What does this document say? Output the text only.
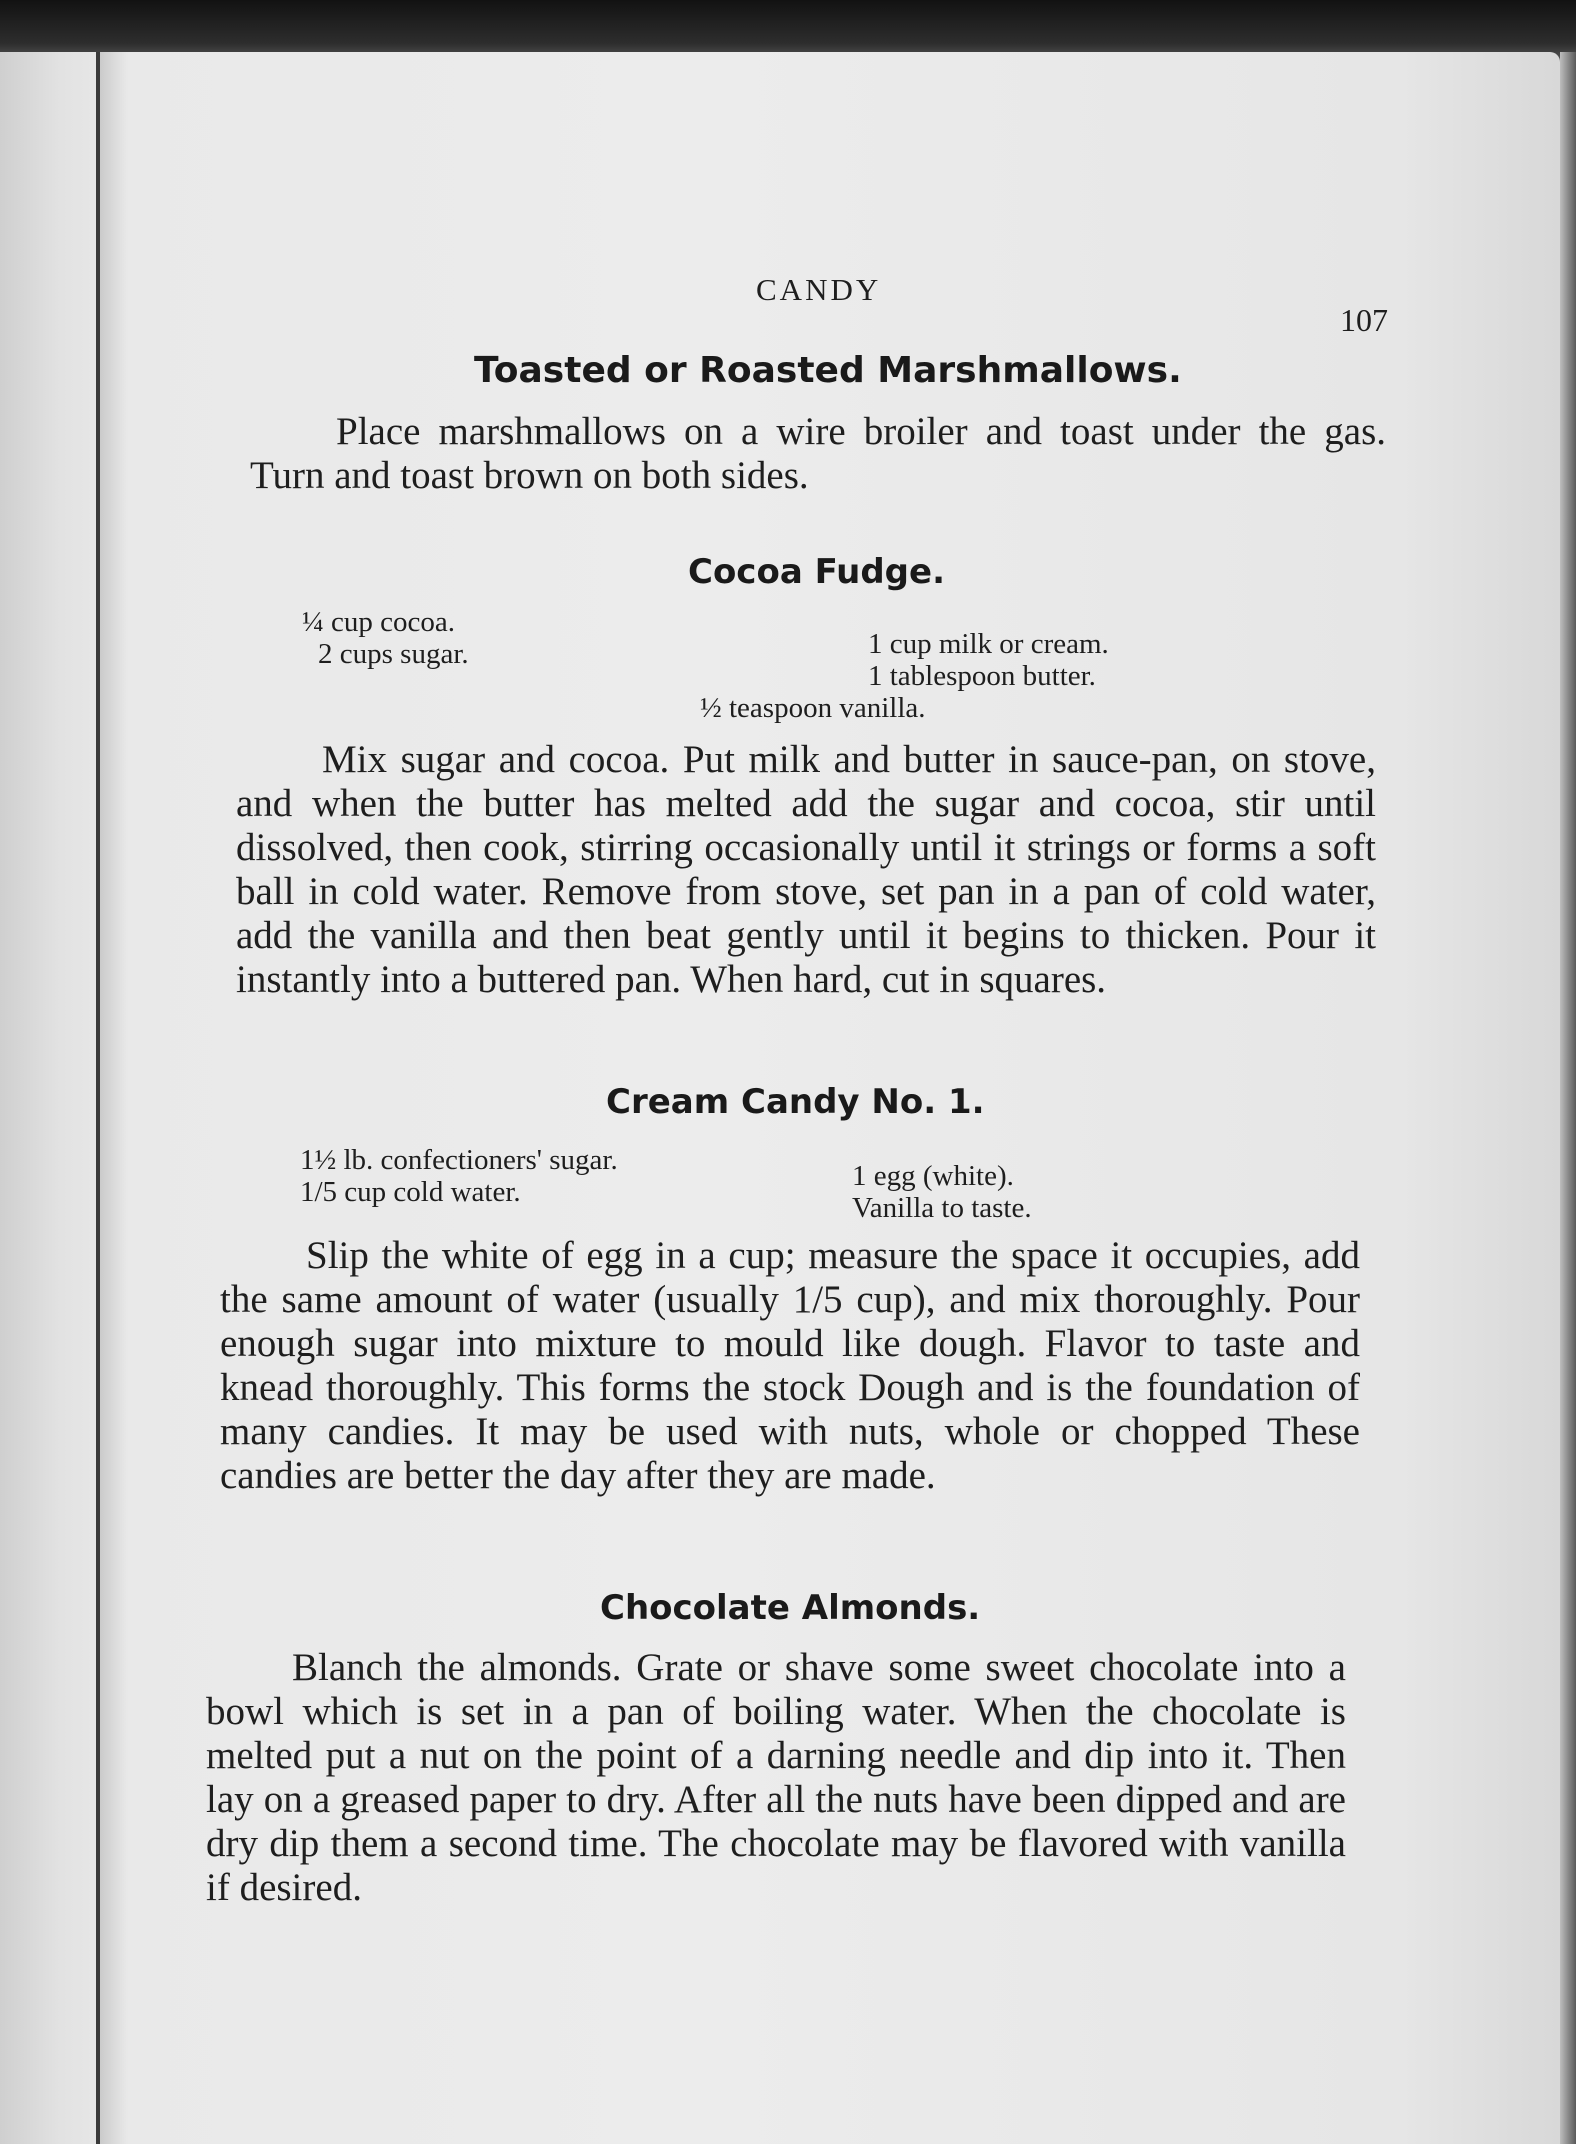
CANDY
107
Toasted or Roasted Marshmallows.
Place marshmallows on a wire broiler and toast under the gas. Turn and toast brown on both sides.
Cocoa Fudge.
¼ cup cocoa.
2 cups sugar.	1 cup milk or cream.
1 tablespoon butter.
½ teaspoon vanilla.
Mix sugar and cocoa. Put milk and butter in sauce-pan, on stove, and when the butter has melted add the sugar and cocoa, stir until dissolved, then cook, stirring occasionally until it strings or forms a soft ball in cold water. Remove from stove, set pan in a pan of cold water, add the vanilla and then beat gently until it begins to thicken. Pour it instantly into a buttered pan. When hard, cut in squares.
Cream Candy No. 1.
1½ lb. confectioners' sugar.
1/5 cup cold water.	1 egg (white).
Vanilla to taste.
Slip the white of egg in a cup; measure the space it occupies, add the same amount of water (usually 1/5 cup), and mix thoroughly. Pour enough sugar into mixture to mould like dough. Flavor to taste and knead thoroughly. This forms the stock Dough and is the foundation of many candies. It may be used with nuts, whole or chopped These candies are better the day after they are made.
Chocolate Almonds.
Blanch the almonds. Grate or shave some sweet chocolate into a bowl which is set in a pan of boiling water. When the chocolate is melted put a nut on the point of a darning needle and dip into it. Then lay on a greased paper to dry. After all the nuts have been dipped and are dry dip them a second time. The chocolate may be flavored with vanilla if desired.
